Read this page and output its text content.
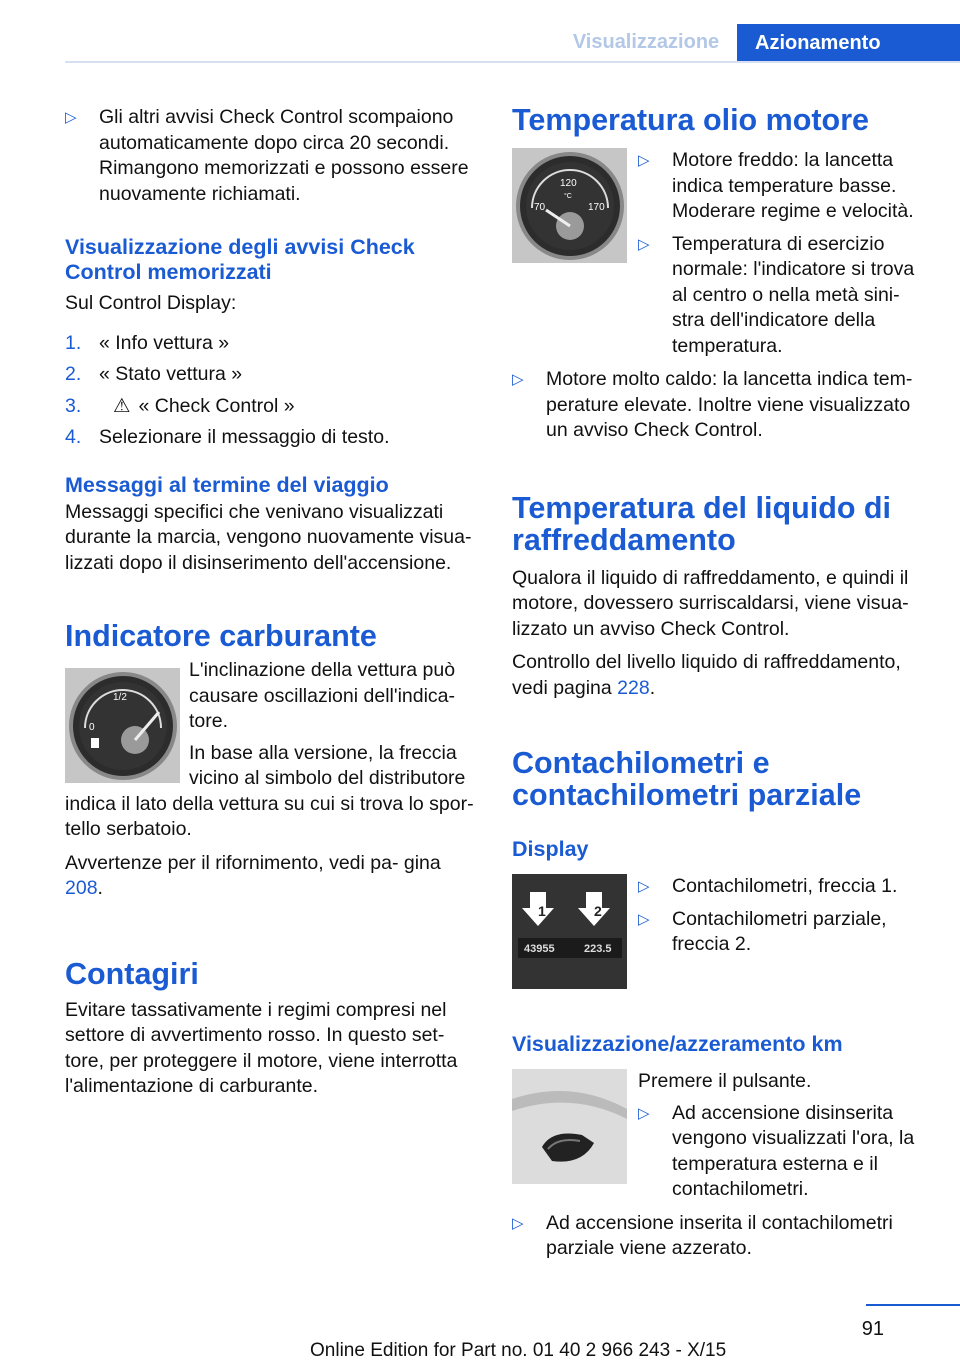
Visualizzazione	Azionamento
▷ Gli altri avvisi Check Control scompaiono automaticamente dopo circa 20 secondi. Rimangono memorizzati e possono essere nuovamente richiamati.
Visualizzazione degli avvisi Check Control memorizzati

Sul Control Display:

1. « Info vettura »
2. « Stato vettura »
3. ⚠ « Check Control »
4. Selezionare il messaggio di testo.
Messaggi al termine del viaggio

Messaggi specifici che venivano visualizzati durante la marcia, vengono nuovamente visua- lizzati dopo il disinserimento dell'accensione.

Indicatore carburante
1/2
0

L'inclinazione della vettura può causare oscillazioni dell'indica- tore.

In base alla versione, la freccia vicino al simbolo del distributore

indica il lato della vettura su cui si trova lo spor- tello serbatoio.

Avvertenze per il rifornimento, vedi pa- gina 208.

Contagiri

Evitare tassativamente i regimi compresi nel settore di avvertimento rosso. In questo set- tore, per proteggere il motore, viene interrotta l'alimentazione di carburante.

Temperatura olio motore
120
°C
70	170
▷ Motore freddo: la lancetta indica temperature basse. Moderare regime e velocità.
▷ Temperatura di esercizio normale: l'indicatore si trova al centro o nella metà sini- stra dell'indicatore della temperatura.
▷ Motore molto caldo: la lancetta indica tem- perature elevate. Inoltre viene visualizzato un avviso Check Control.
Temperatura del liquido di raffreddamento

Qualora il liquido di raffreddamento, e quindi il motore, dovessero surriscaldarsi, viene visua- lizzato un avviso Check Control.

Controllo del livello liquido di raffreddamento, vedi pagina 228.

Contachilometri e contachilometri parziale
Display
1	2
43955	223.5
▷ Contachilometri, freccia 1.
▷ Contachilometri parziale, freccia 2.
Visualizzazione/azzeramento km

Premere il pulsante.

▷ Ad accensione disinserita vengono visualizzati l'ora, la temperatura esterna e il contachilometri.
▷ Ad accensione inserita il contachilometri parziale viene azzerato.
91
Online Edition for Part no. 01 40 2 966 243 - X/15
